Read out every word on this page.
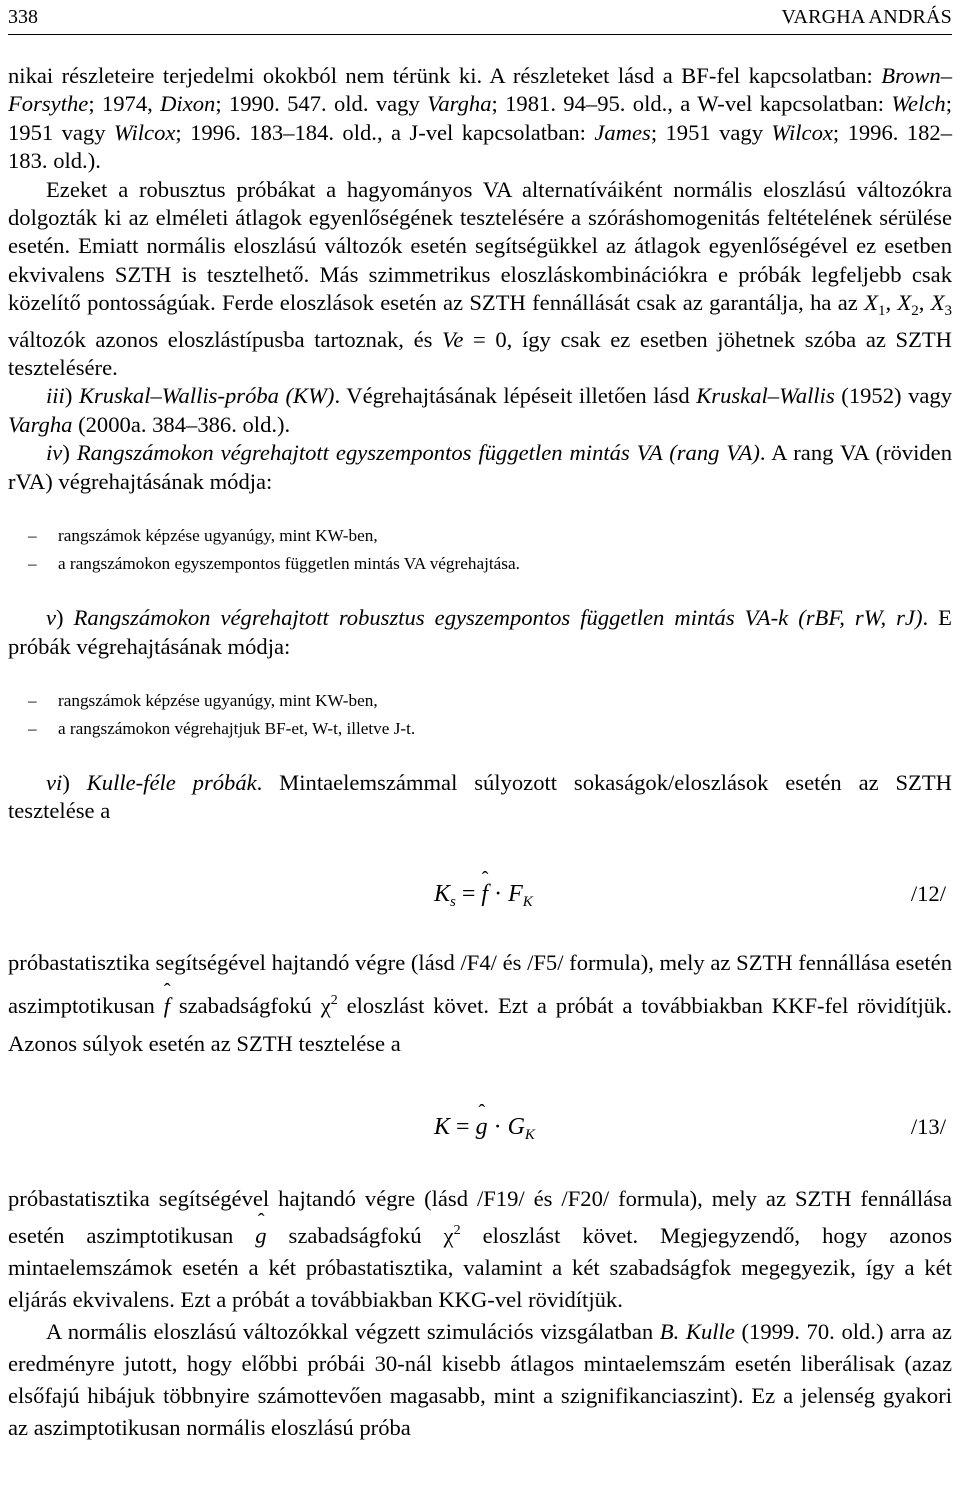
338	VARGHA ANDRÁS

nikai részleteire terjedelmi okokból nem térünk ki. A részleteket lásd a BF-fel kapcsolatban: Brown–Forsythe; 1974, Dixon; 1990. 547. old. vagy Vargha; 1981. 94–95. old., a W-vel kapcsolatban: Welch; 1951 vagy Wilcox; 1996. 183–184. old., a J-vel kapcsolatban: James; 1951 vagy Wilcox; 1996. 182–183. old.).

Ezeket a robusztus próbákat a hagyományos VA alternatíváiként normális eloszlású változókra dolgozták ki az elméleti átlagok egyenlőségének tesztelésére a szóráshomogenitás feltételének sérülése esetén. Emiatt normális eloszlású változók esetén segítségükkel az átlagok egyenlőségével ez esetben ekvivalens SZTH is tesztelhető. Más szimmetrikus eloszláskombinációkra e próbák legfeljebb csak közelítő pontosságúak. Ferde eloszlások esetén az SZTH fennállását csak az garantálja, ha az $X_1$, $X_2$, $X_3$ változók azonos eloszlástípusba tartoznak, és Ve = 0, így csak ez esetben jöhetnek szóba az SZTH tesztelésére.

iii) Kruskal–Wallis-próba (KW). Végrehajtásának lépéseit illetően lásd Kruskal–Wallis (1952) vagy Vargha (2000a. 384–386. old.).

iv) Rangszámokon végrehajtott egyszempontos független mintás VA (rang VA). A rang VA (röviden rVA) végrehajtásának módja:

– rangszámok képzése ugyanúgy, mint KW-ben,
– a rangszámokon egyszempontos független mintás VA végrehajtása.

v) Rangszámokon végrehajtott robusztus egyszempontos független mintás VA-k (rBF, rW, rJ). E próbák végrehajtásának módja:

– rangszámok képzése ugyanúgy, mint KW-ben,
– a rangszámokon végrehajtjuk BF-et, W-t, illetve J-t.

vi) Kulle-féle próbák. Mintaelemszámmal súlyozott sokaságok/eloszlások esetén az SZTH tesztelése a

$K_s$ = ˆ $f \cdot F_K$	/12/

próbastatisztika segítségével hajtandó végre (lásd /F4/ és /F5/ formula), mely az SZTH fennállása esetén aszimptotikusan ˆ f szabadságfokú $\chi^2$ eloszlást követ. Ezt a próbát a továbbiakban KKF-fel rövidítjük. Azonos súlyok esetén az SZTH tesztelése a

K = ˆ $g \cdot G_K$	/13/

próbastatisztika segítségével hajtandó végre (lásd /F19/ és /F20/ formula), mely az SZTH fennállása esetén aszimptotikusan ˆ g szabadságfokú $\chi^2$ eloszlást követ. Megjegyzendő, hogy azonos mintaelemszámok esetén a két próbastatisztika, valamint a két szabadságfok megegyezik, így a két eljárás ekvivalens. Ezt a próbát a továbbiakban KKG-vel rövidítjük.

A normális eloszlású változókkal végzett szimulációs vizsgálatban B. Kulle (1999. 70. old.) arra az eredményre jutott, hogy előbbi próbái 30-nál kisebb átlagos mintaelemszám esetén liberálisak (azaz elsőfajú hibájuk többnyire számottevően magasabb, mint a szignifikanciaszint). Ez a jelenség gyakori az aszimptotikusan normális eloszlású próba
